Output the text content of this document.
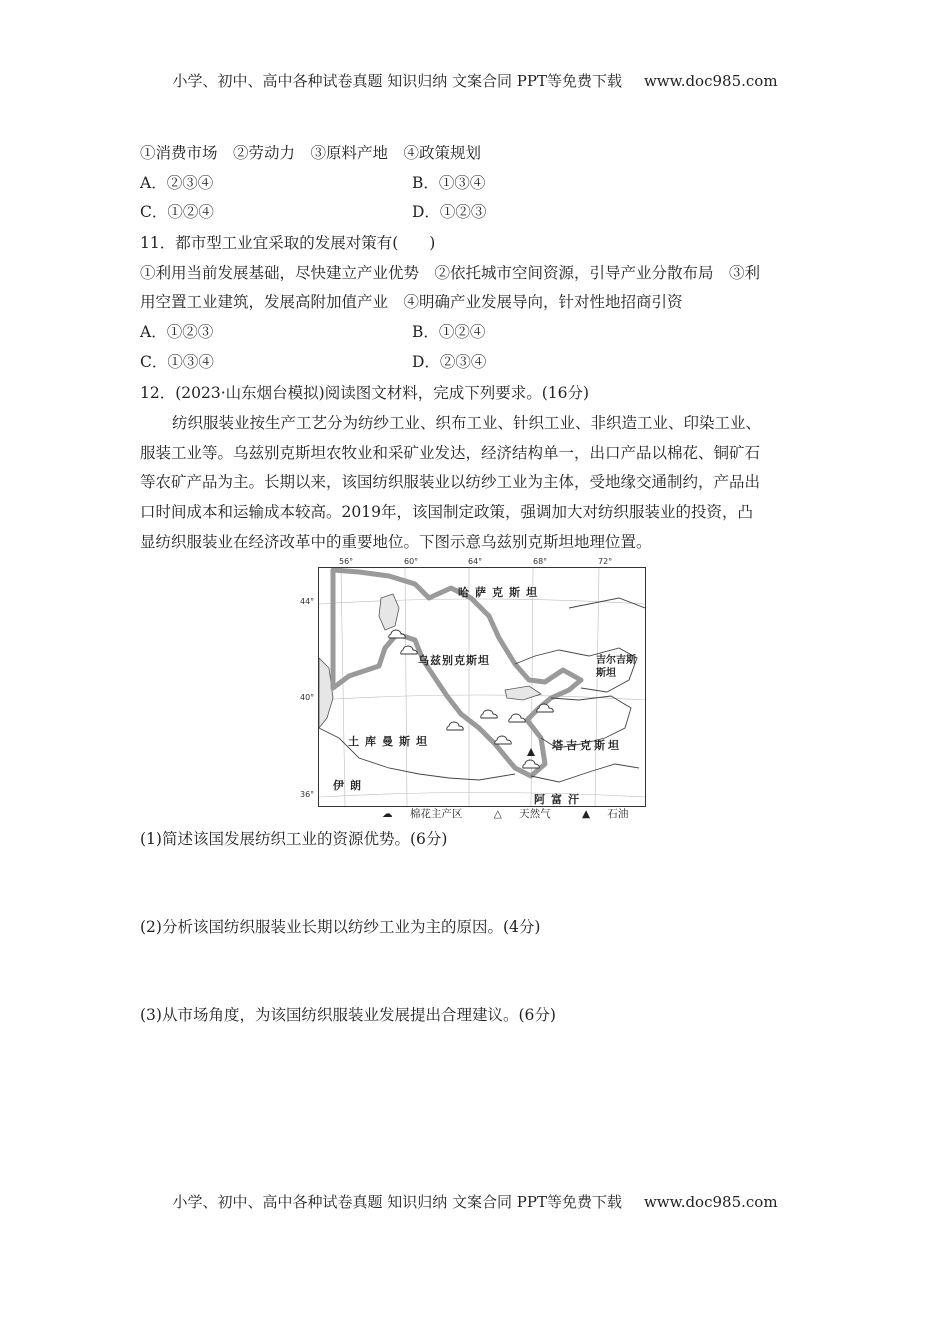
小学、初中、高中各种试卷真题 知识归纳 文案合同 PPT等免费下载 www.doc985.com
①消费市场　②劳动力　③原料产地　④政策规划
A．②③④	B．①③④
C．①②④	D．①②③
11．都市型工业宜采取的发展对策有(　　)
①利用当前发展基础，尽快建立产业优势　②依托城市空间资源，引导产业分散布局　③利
用空置工业建筑，发展高附加值产业　④明确产业发展导向，针对性地招商引资
A．①②③	B．①②④
C．①③④	D．②③④
12．(2023·山东烟台模拟)阅读图文材料，完成下列要求。(16分)
纺织服装业按生产工艺分为纺纱工业、织布工业、针织工业、非织造工业、印染工业、
服装工业等。乌兹别克斯坦农牧业和采矿业发达，经济结构单一，出口产品以棉花、铜矿石
等农矿产品为主。长期以来，该国纺织服装业以纺纱工业为主体，受地缘交通制约，产品出
口时间成本和运输成本较高。2019年，该国制定政策，强调加大对纺织服装业的投资，凸
显纺织服装业在经济改革中的重要地位。下图示意乌兹别克斯坦地理位置。
(1)简述该国发展纺织工业的资源优势。(6分)
(2)分析该国纺织服装业长期以纺纱工业为主的原因。(4分)
(3)从市场角度，为该国纺织服装业发展提出合理建议。(6分)
56°	60°	64°	68°	72°
44°
40°
36°
哈萨克斯坦
乌兹别克斯坦	吉尔吉斯斯坦
土库曼斯坦	塔吉克斯坦
伊朗
阿富汗
☁ 棉花主产区	△ 天然气	▲ 石油
小学、初中、高中各种试卷真题 知识归纳 文案合同 PPT等免费下载 www.doc985.com
